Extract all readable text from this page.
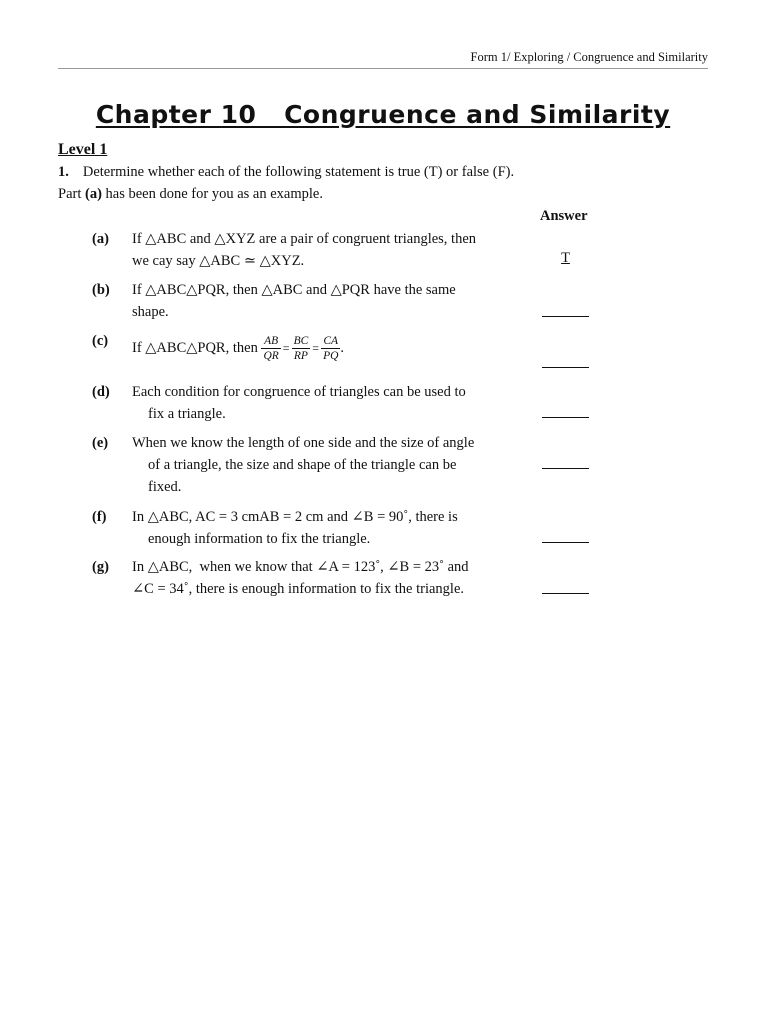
Form 1/ Exploring / Congruence and Similarity
Chapter 10   Congruence and Similarity
Level 1
1. Determine whether each of the following statement is true (T) or false (F).
Part (a) has been done for you as an example.
Answer
(a) If △ABC and △XYZ are a pair of congruent triangles, then
we cay say △ABC ≃ △XYZ.	T
(b) If △ABC△PQR, then △ABC and △PQR have the same
shape.
(c) If △ABC△PQR, then $\frac{AB}{QR} = \frac{BC}{RP} = \frac{CA}{PQ}$ .
(d) Each condition for congruence of triangles can be used to
fix a triangle.
(e) When we know the length of one side and the size of angle
of a triangle, the size and shape of the triangle can be
fixed.
(f) In △ABC, AC = 3 cmAB = 2 cm and ∠B = 90˚, there is
enough information to fix the triangle.
(g) In △ABC,  when we know that ∠A = 123˚, ∠B = 23˚ and
∠C = 34˚, there is enough information to fix the triangle.
